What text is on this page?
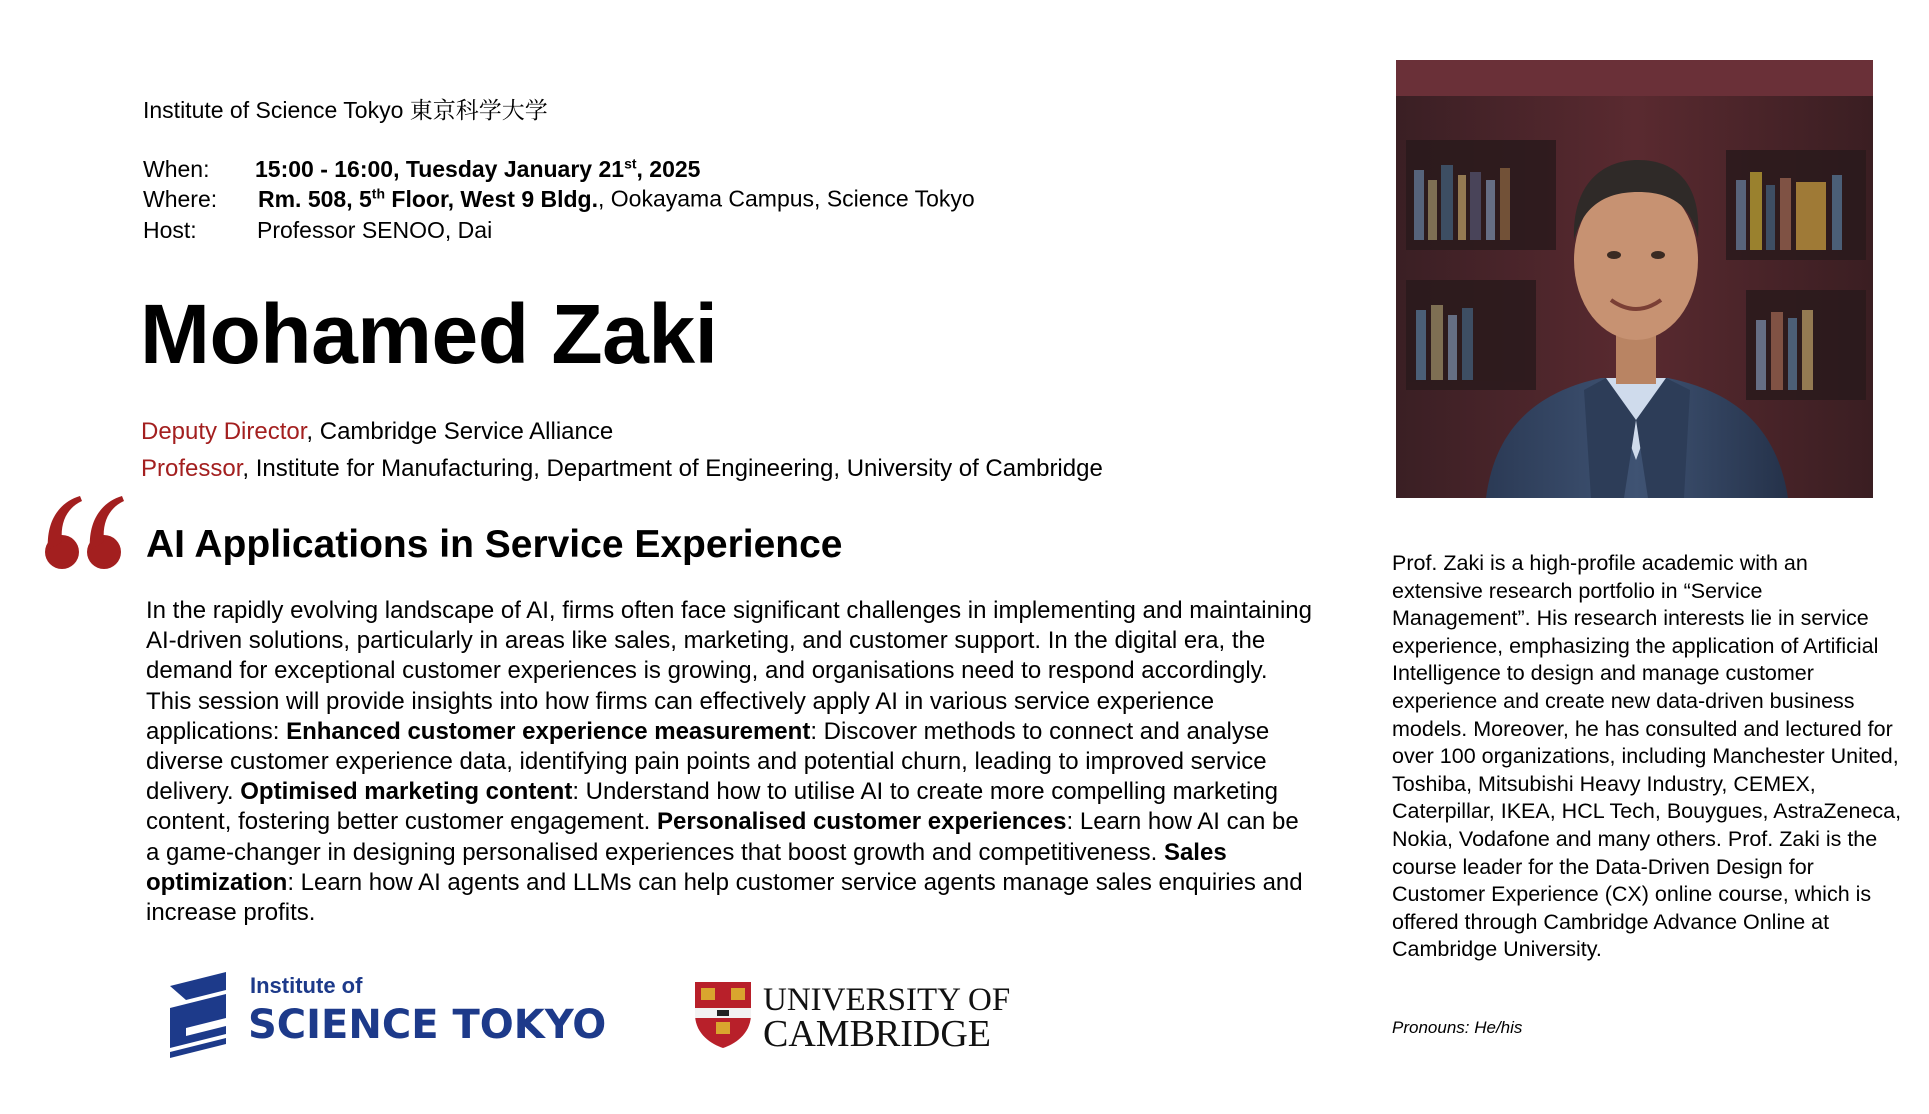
Institute of Science Tokyo 東京科学大学
When: 15:00 - 16:00, Tuesday January 21st, 2025
Where: Rm. 508, 5th Floor, West 9 Bldg., Ookayama Campus, Science Tokyo
Host:	Professor SENOO, Dai
Mohamed Zaki
Deputy Director, Cambridge Service Alliance
Professor, Institute for Manufacturing, Department of Engineering, University of Cambridge
AI Applications in Service Experience
In the rapidly evolving landscape of AI, firms often face significant challenges in implementing and maintaining AI-driven solutions, particularly in areas like sales, marketing, and customer support. In the digital era, the demand for exceptional customer experiences is growing, and organisations need to respond accordingly. This session will provide insights into how firms can effectively apply AI in various service experience applications: Enhanced customer experience measurement: Discover methods to connect and analyse diverse customer experience data, identifying pain points and potential churn, leading to improved service delivery. Optimised marketing content: Understand how to utilise AI to create more compelling marketing content, fostering better customer engagement. Personalised customer experiences: Learn how AI can be a game-changer in designing personalised experiences that boost growth and competitiveness. Sales optimization: Learn how AI agents and LLMs can help customer service agents manage sales enquiries and increase profits.
Institute of
SCIENCE TOKYO
UNIVERSITY OF
CAMBRIDGE
Prof. Zaki is a high-profile academic with an extensive research portfolio in “Service Management”. His research interests lie in service experience, emphasizing the application of Artificial Intelligence to design and manage customer experience and create new data-driven business models. Moreover, he has consulted and lectured for over 100 organizations, including Manchester United, Toshiba, Mitsubishi Heavy Industry, CEMEX, Caterpillar, IKEA, HCL Tech, Bouygues, AstraZeneca, Nokia, Vodafone and many others. Prof. Zaki is the course leader for the Data-Driven Design for Customer Experience (CX) online course, which is offered through Cambridge Advance Online at Cambridge University.
Pronouns: He/his
